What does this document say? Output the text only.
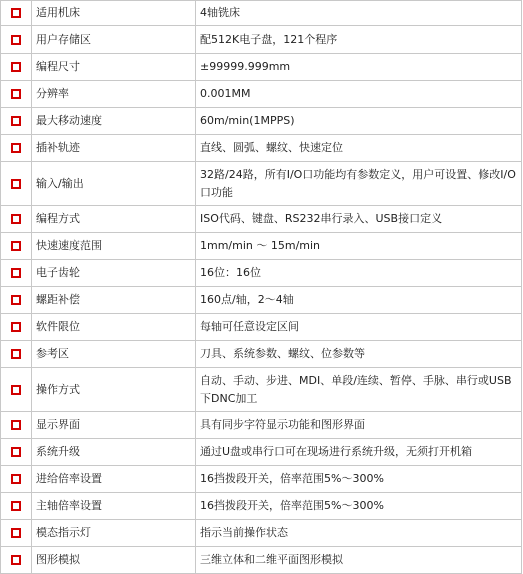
	适用机床	4轴铣床
	用户存储区	配512K电子盘，121个程序
	编程尺寸	±99999.999mm
	分辨率	0.001MM
	最大移动速度	60m/min(1MPPS)
	插补轨迹	直线、圆弧、螺纹、快速定位
	输入/输出	32路/24路，所有I/O口功能均有参数定义，用户可设置、修改I/O口功能
	编程方式	ISO代码、键盘、RS232串行录入、USB接口定义
	快速速度范围	1mm/min ～ 15m/min
	电子齿轮	16位：16位
	螺距补偿	160点/轴，2～4轴
	软件限位	每轴可任意设定区间
	参考区	刀具、系统参数、螺纹、位参数等
	操作方式	自动、手动、步进、MDI、单段/连续、暂停、手脉、串行或USB下DNC加工
	显示界面	具有同步字符显示功能和图形界面
	系统升级	通过U盘或串行口可在现场进行系统升级，无须打开机箱
	进给倍率设置	16挡拨段开关，倍率范围5%～300%
	主轴倍率设置	16挡拨段开关，倍率范围5%～300%
	模态指示灯	指示当前操作状态
	图形模拟	三维立体和二维平面图形模拟
